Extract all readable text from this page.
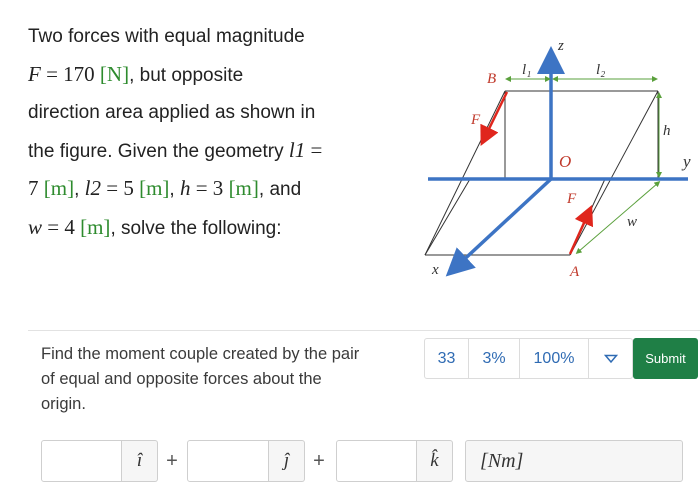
Two forces with equal magnitude
F = 170 [N], but opposite
direction area applied as shown in
the figure. Given the geometry l1 =
7 [m], l2 = 5 [m], h = 3 [m], and
w = 4 [m], solve the following:
z
y
x
O
B
A
F
F
l₁	l₂
h
w
Find the moment couple created by the pair of equal and opposite forces about the origin.
33	3%	100%	Submit
î	+	ĵ	+	k̂	[Nm]
